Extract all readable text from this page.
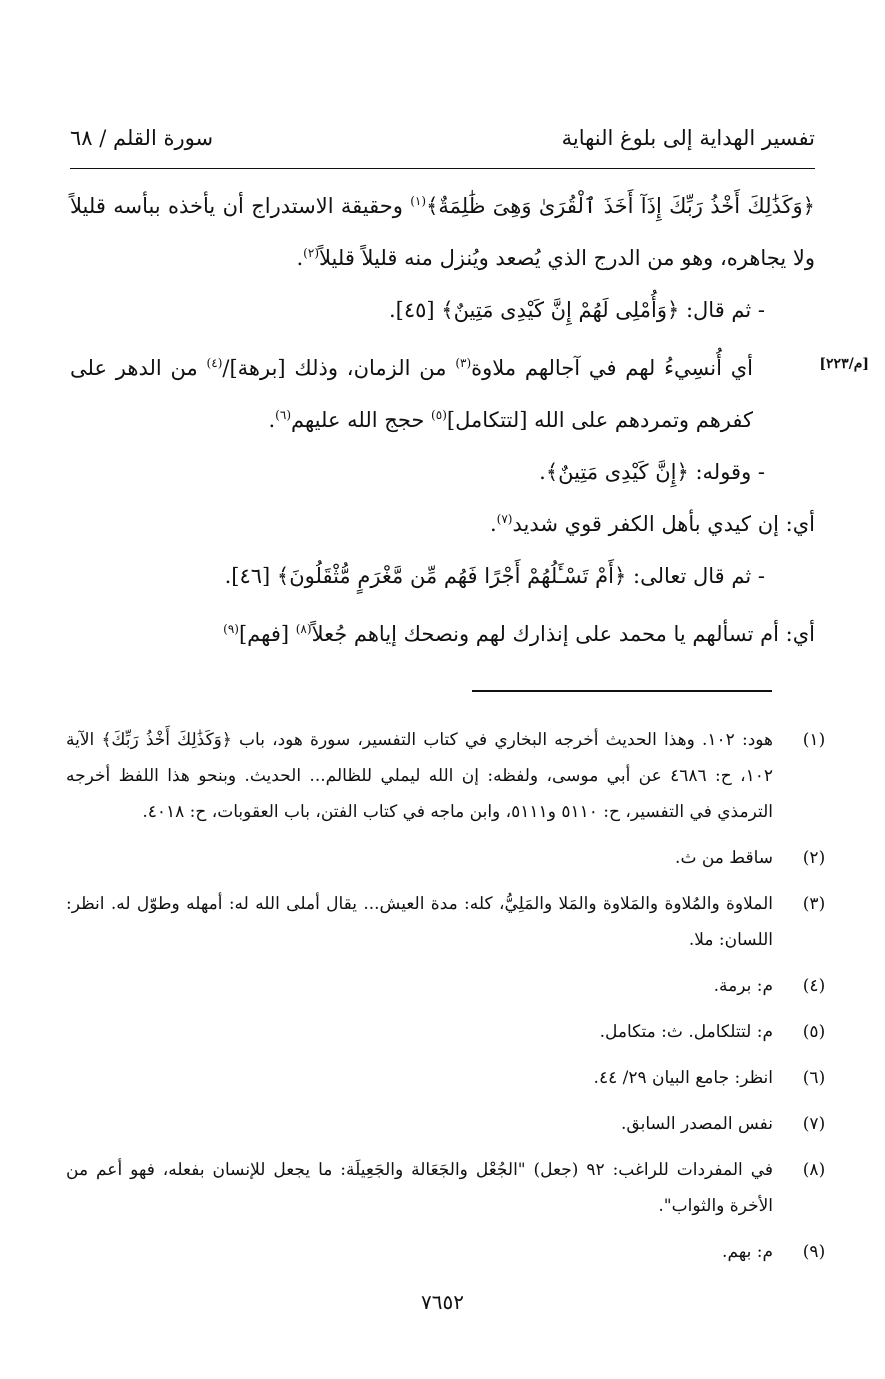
تفسير الهداية إلى بلوغ النهاية
سورة القلم / ٦٨
[م/٢٢٣]

﴿وَكَذَٰلِكَ أَخْذُ رَبِّكَ إِذَآ أَخَذَ ٱلْقُرَىٰ وَهِىَ ظَٰلِمَةٌ﴾$^{(١)}$ وحقيقة الاستدراج أن يأخذه ببأسه قليلاً ولا يجاهره، وهو من الدرج الذي يُصعد ويُنزل منه قليلاً قليلاً$^{(٢)}$.

- ثم قال: ﴿وَأُمْلِى لَهُمْ إِنَّ كَيْدِى مَتِينٌ﴾ [٤٥].

أي أُنسِيءُ لهم في آجالهم ملاوة$^{(٣)}$ من الزمان، وذلك [برهة]/$^{(٤)}$ من الدهر على كفرهم وتمردهم على الله [لتتكامل]$^{(٥)}$ حجج الله عليهم$^{(٦)}$.

- وقوله: ﴿إِنَّ كَيْدِى مَتِينٌ﴾.

أي: إن كيدي بأهل الكفر قوي شديد$^{(٧)}$.

- ثم قال تعالى: ﴿أَمْ تَسْـَٔلُهُمْ أَجْرًا فَهُم مِّن مَّغْرَمٍ مُّثْقَلُونَ﴾ [٤٦].

أي: أم تسألهم يا محمد على إنذارك لهم ونصحك إياهم جُعلاً$^{(٨)}$ [فهم]$^{(٩)}$

(١)
هود: ١٠٢. وهذا الحديث أخرجه البخاري في كتاب التفسير، سورة هود، باب ﴿وَكَذَٰلِكَ أَخْذُ رَبِّكَ﴾ الآية ١٠٢، ح: ٤٦٨٦ عن أبي موسى، ولفظه: إن الله ليملي للظالم... الحديث. وبنحو هذا اللفظ أخرجه الترمذي في التفسير، ح: ٥١١٠ و٥١١١، وابن ماجه في كتاب الفتن، باب العقوبات، ح: ٤٠١٨.
(٢)
ساقط من ث.
(٣)
الملاوة والمُلاوة والمَلاوة والمَلا والمَلِيُّ، كله: مدة العيش... يقال أملى الله له: أمهله وطوّل له. انظر: اللسان: ملا.
(٤)
م: برمة.
(٥)
م: لتتلكامل. ث: متكامل.
(٦)
انظر: جامع البيان ٢٩/ ٤٤.
(٧)
نفس المصدر السابق.
(٨)
في المفردات للراغب: ٩٢ (جعل) "الجُعْل والجَعَالة والجَعِيلَة: ما يجعل للإنسان بفعله، فهو أعم من الأخرة والثواب".
(٩)
م: بهم.
٧٦٥٢
